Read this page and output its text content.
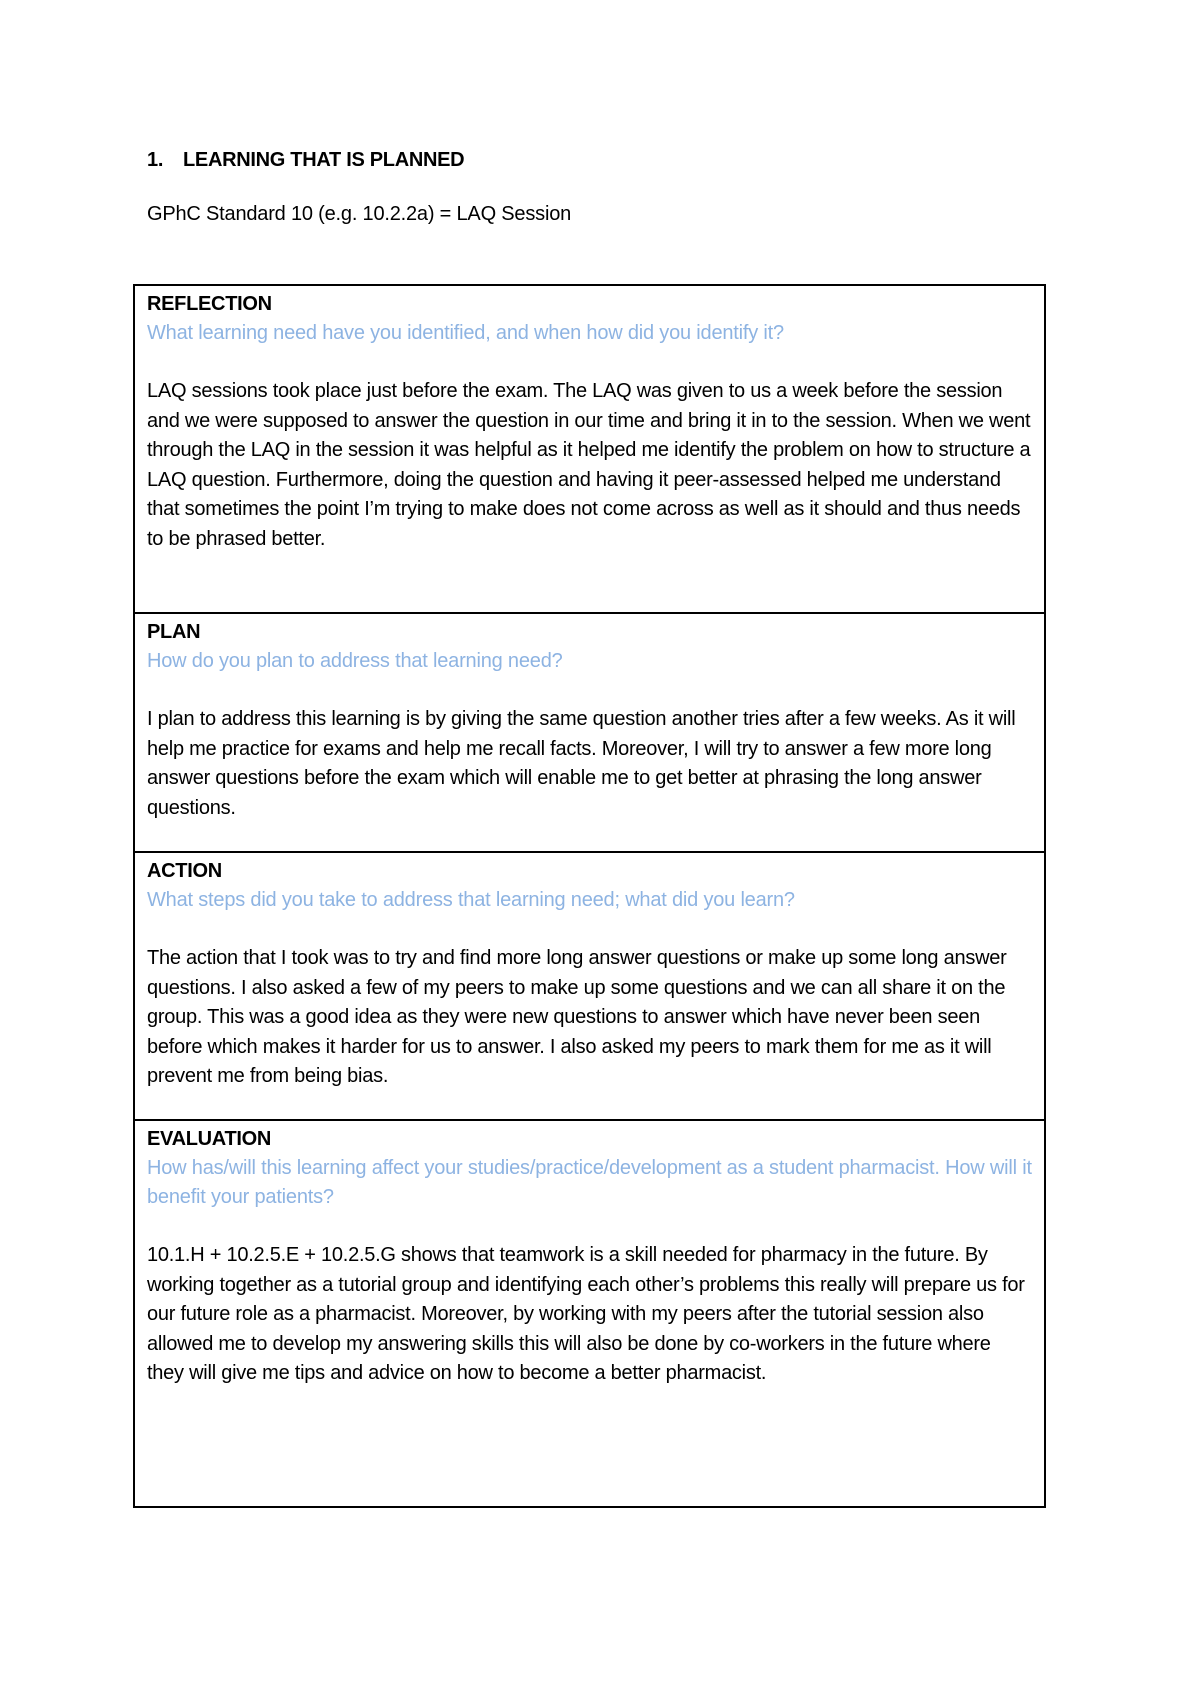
1. LEARNING THAT IS PLANNED
GPhC Standard 10 (e.g. 10.2.2a) = LAQ Session
REFLECTION
What learning need have you identified, and when how did you identify it?
LAQ sessions took place just before the exam. The LAQ was given to us a week before the session and we were supposed to answer the question in our time and bring it in to the session. When we went through the LAQ in the session it was helpful as it helped me identify the problem on how to structure a LAQ question. Furthermore, doing the question and having it peer-assessed helped me understand that sometimes the point I’m trying to make does not come across as well as it should and thus needs to be phrased better.
PLAN
How do you plan to address that learning need?
I plan to address this learning is by giving the same question another tries after a few weeks. As it will help me practice for exams and help me recall facts. Moreover, I will try to answer a few more long answer questions before the exam which will enable me to get better at phrasing the long answer questions.
ACTION
What steps did you take to address that learning need; what did you learn?
The action that I took was to try and find more long answer questions or make up some long answer questions. I also asked a few of my peers to make up some questions and we can all share it on the group. This was a good idea as they were new questions to answer which have never been seen before which makes it harder for us to answer. I also asked my peers to mark them for me as it will prevent me from being bias.
EVALUATION
How has/will this learning affect your studies/practice/development as a student pharmacist. How will it benefit your patients?
10.1.H + 10.2.5.E + 10.2.5.G shows that teamwork is a skill needed for pharmacy in the future. By working together as a tutorial group and identifying each other’s problems this really will prepare us for our future role as a pharmacist. Moreover, by working with my peers after the tutorial session also allowed me to develop my answering skills this will also be done by co-workers in the future where they will give me tips and advice on how to become a better pharmacist.
